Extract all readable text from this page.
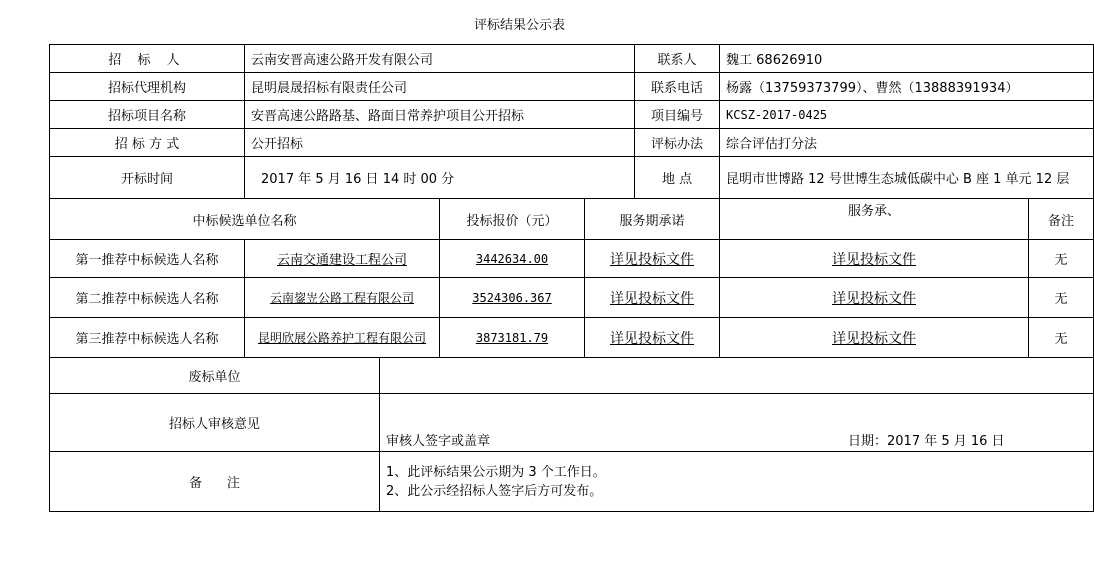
评标结果公示表
招 标 人	云南安晋高速公路开发有限公司				联系人	魏工 68626910	
招标代理机构	昆明晨晟招标有限责任公司				联系电话	杨露（13759373799）、曹然（13888391934）	
招标项目名称	安晋高速公路路基、路面日常养护项目公开招标				项目编号	KCSZ-2017-0425	
招 标 方 式	公开招标				评标办法	综合评估打分法	
开标时间	2017 年 5 月 16 日 14 时 00 分				地 点	昆明市世博路 12 号世博生态城低碳中心 B 座 1 单元 12 层	
中标候选单位名称			投标报价（元）	服务期承诺		服务承、	备注
第一推荐中标候选人名称	云南交通建设工程公司		3442634.00	详见投标文件		详见投标文件	无
第二推荐中标候选人名称	云南鋆岦公路工程有限公司		3524306.367	详见投标文件		详见投标文件	无
第三推荐中标候选人名称	昆明欣展公路养护工程有限公司		3873181.79	详见投标文件		详见投标文件	无
废标单位							
招标人审核意见		审核人签字或盖章 日期：2017 年 5 月 16 日					

备      注		1、此评标结果公示期为 3 个工作日。
2、此公示经招标人签字后方可发布。					
